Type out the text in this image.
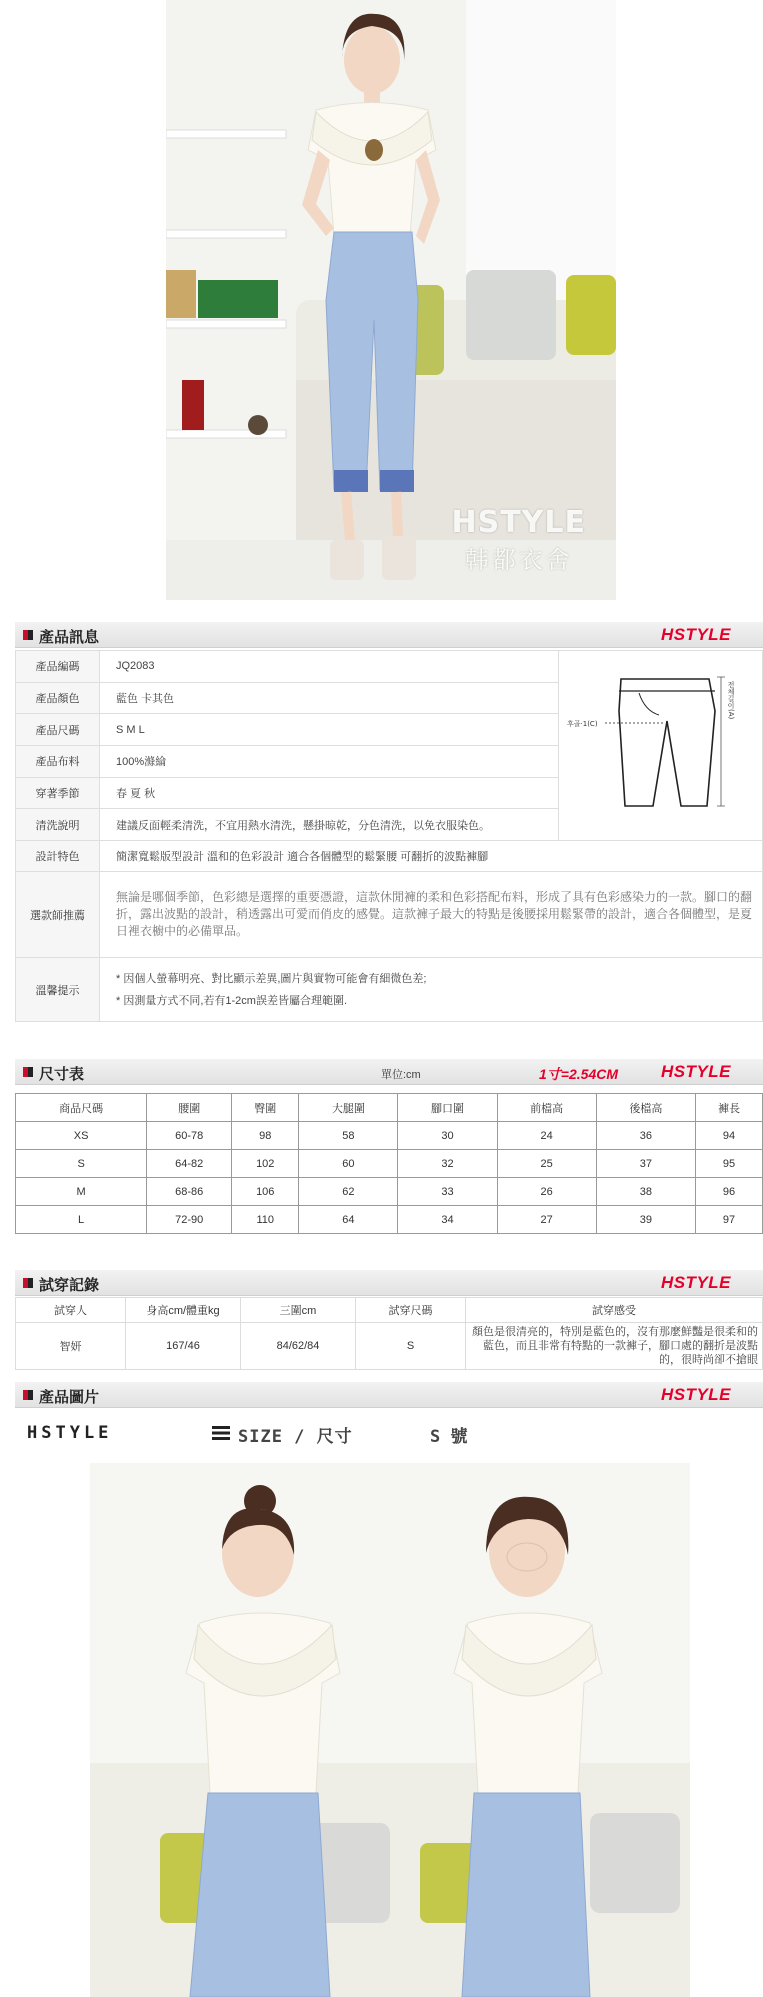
HSTYLE
韩都衣舍
產品訊息	HSTYLE
產品編碼	JQ2083	후골·1(C)
전체길이(A)

產品顏色	藍色 卡其色	
產品尺碼	S M L	
產品布料	100%滌綸	
穿著季節	春 夏 秋	
清洗說明	建議反面輕柔清洗，不宜用熱水清洗，懸掛晾乾，分色清洗，以免衣服染色。	
設計特色	簡潔寬鬆版型設計 溫和的色彩設計 適合各個體型的鬆緊腰 可翻折的波點褲腳	
選款師推薦	無論是哪個季節，色彩總是選擇的重要憑證，這款休閒褲的柔和色彩搭配布料，形成了具有色彩感染力的一款。腳口的翻折，露出波點的設計，稍透露出可愛而俏皮的感覺。這款褲子最大的特點是後腰採用鬆緊帶的設計，適合各個體型，是夏日裡衣櫥中的必備單品。	
溫馨提示	* 因個人螢幕明亮、對比顯示差異,圖片與實物可能會有細微色差;
* 因測量方式不同,若有1-2cm誤差皆屬合理範圍.	
尺寸表	單位:cm	1寸=2.54CM	HSTYLE
商品尺碼	腰圍	臀圍	大腿圍	腳口圍	前檔高	後檔高	褲長
XS	60-78	98	58	30	24	36	94
S	64-82	102	60	32	25	37	95
M	68-86	106	62	33	26	38	96
L	72-90	110	64	34	27	39	97
試穿記錄	HSTYLE
試穿人	身高cm/體重kg	三圍cm	試穿尺碼	試穿感受
智妍	167/46	84/62/84	S	顏色是很清亮的，特別是藍色的，沒有那麼鮮豔是很柔和的藍色，而且非常有特點的一款褲子，腳口處的翻折是波點的，很時尚卻不搶眼
產品圖片	HSTYLE
HSTYLE	SIZE / 尺寸	S 號
